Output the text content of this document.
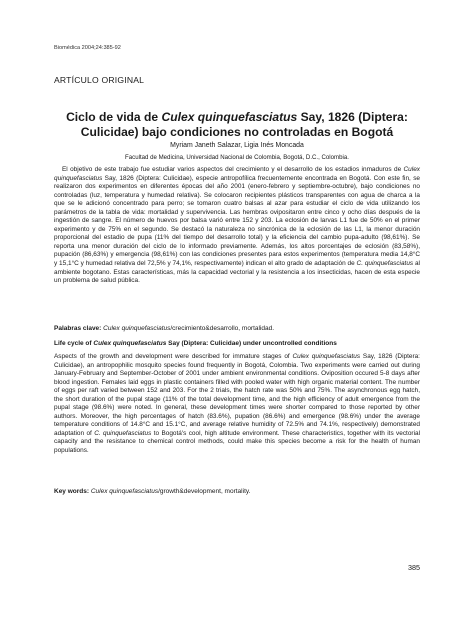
Biomédica 2004;24:385-92

ARTÍCULO ORIGINAL

Ciclo de vida de Culex quinquefasciatus Say, 1826 (Diptera: Culicidae) bajo condiciones no controladas en Bogotá

Myriam Janeth Salazar, Ligia Inés Moncada

Facultad de Medicina, Universidad Nacional de Colombia, Bogotá, D.C., Colombia.

El objetivo de este trabajo fue estudiar varios aspectos del crecimiento y el desarrollo de los estadios inmaduros de Culex quinquefasciatus Say, 1826 (Diptera: Culicidae), especie antropofílica frecuentemente encontrada en Bogotá. Con este fin, se realizaron dos experimentos en diferentes épocas del año 2001 (enero-febrero y septiembre-octubre), bajo condiciones no controladas (luz, temperatura y humedad relativa). Se colocaron recipientes plásticos transparentes con agua de charca a la que se le adicionó concentrado para perro; se tomaron cuatro balsas al azar para estudiar el ciclo de vida utilizando los parámetros de la tabla de vida: mortalidad y supervivencia. Las hembras ovipositaron entre cinco y ocho días después de la ingestión de sangre. El número de huevos por balsa varió entre 152 y 203. La eclosión de larvas L1 fue de 50% en el primer experimento y de 75% en el segundo. Se destacó la naturaleza no sincrónica de la eclosión de las L1, la menor duración proporcional del estadio de pupa (11% del tiempo del desarrollo total) y la eficiencia del cambio pupa-adulto (98,61%). Se reporta una menor duración del ciclo de lo informado previamente. Además, los altos porcentajes de eclosión (83,58%), pupación (86,63%) y emergencia (98,61%) con las condiciones presentes para estos experimentos (temperatura media 14,8°C y 15,1°C y humedad relativa del 72,5% y 74,1%, respectivamente) indican el alto grado de adaptación de C. quinquefasciatus al ambiente bogotano. Estas características, más la capacidad vectorial y la resistencia a los insecticidas, hacen de esta especie un problema de salud pública.

Palabras clave: Culex quinquefasciatus/crecimiento&desarrollo, mortalidad.

Life cycle of Culex quinquefasciatus Say (Diptera: Culicidae) under uncontrolled conditions

Aspects of the growth and development were described for immature stages of Culex quinquefasciatus Say, 1826 (Diptera: Culicidae), an antropophilic mosquito species found frequently in Bogotá, Colombia. Two experiments were carried out during January-February and September-October of 2001 under ambient environmental conditions. Oviposition occured 5-8 days after blood ingestion. Females laid eggs in plastic containers filled with pooled water with high organic material content. The number of eggs per raft varied between 152 and 203. For the 2 trials, the hatch rate was 50% and 75%. The asynchronous egg hatch, the short duration of the pupal stage (11% of the total development time, and the high efficiency of adult emergence from the pupal stage (98.6%) were noted. In general, these development times were shorter compared to those reported by other authors. Moreover, the high percentages of hatch (83.6%), pupation (86.6%) and emergence (98.6%) under the average temperature conditions of 14.8°C and 15.1°C, and average relative humidity of 72.5% and 74.1%, respectively) demonstrated adaptation of C. quinquefasciatus to Bogotá's cool, high altitude environment. These characteristics, together with its vectorial capacity and the resistance to chemical control methods, could make this species become a risk for the health of human populations.

Key words: Culex quinquefasciatus/growth&development, mortality.

385
